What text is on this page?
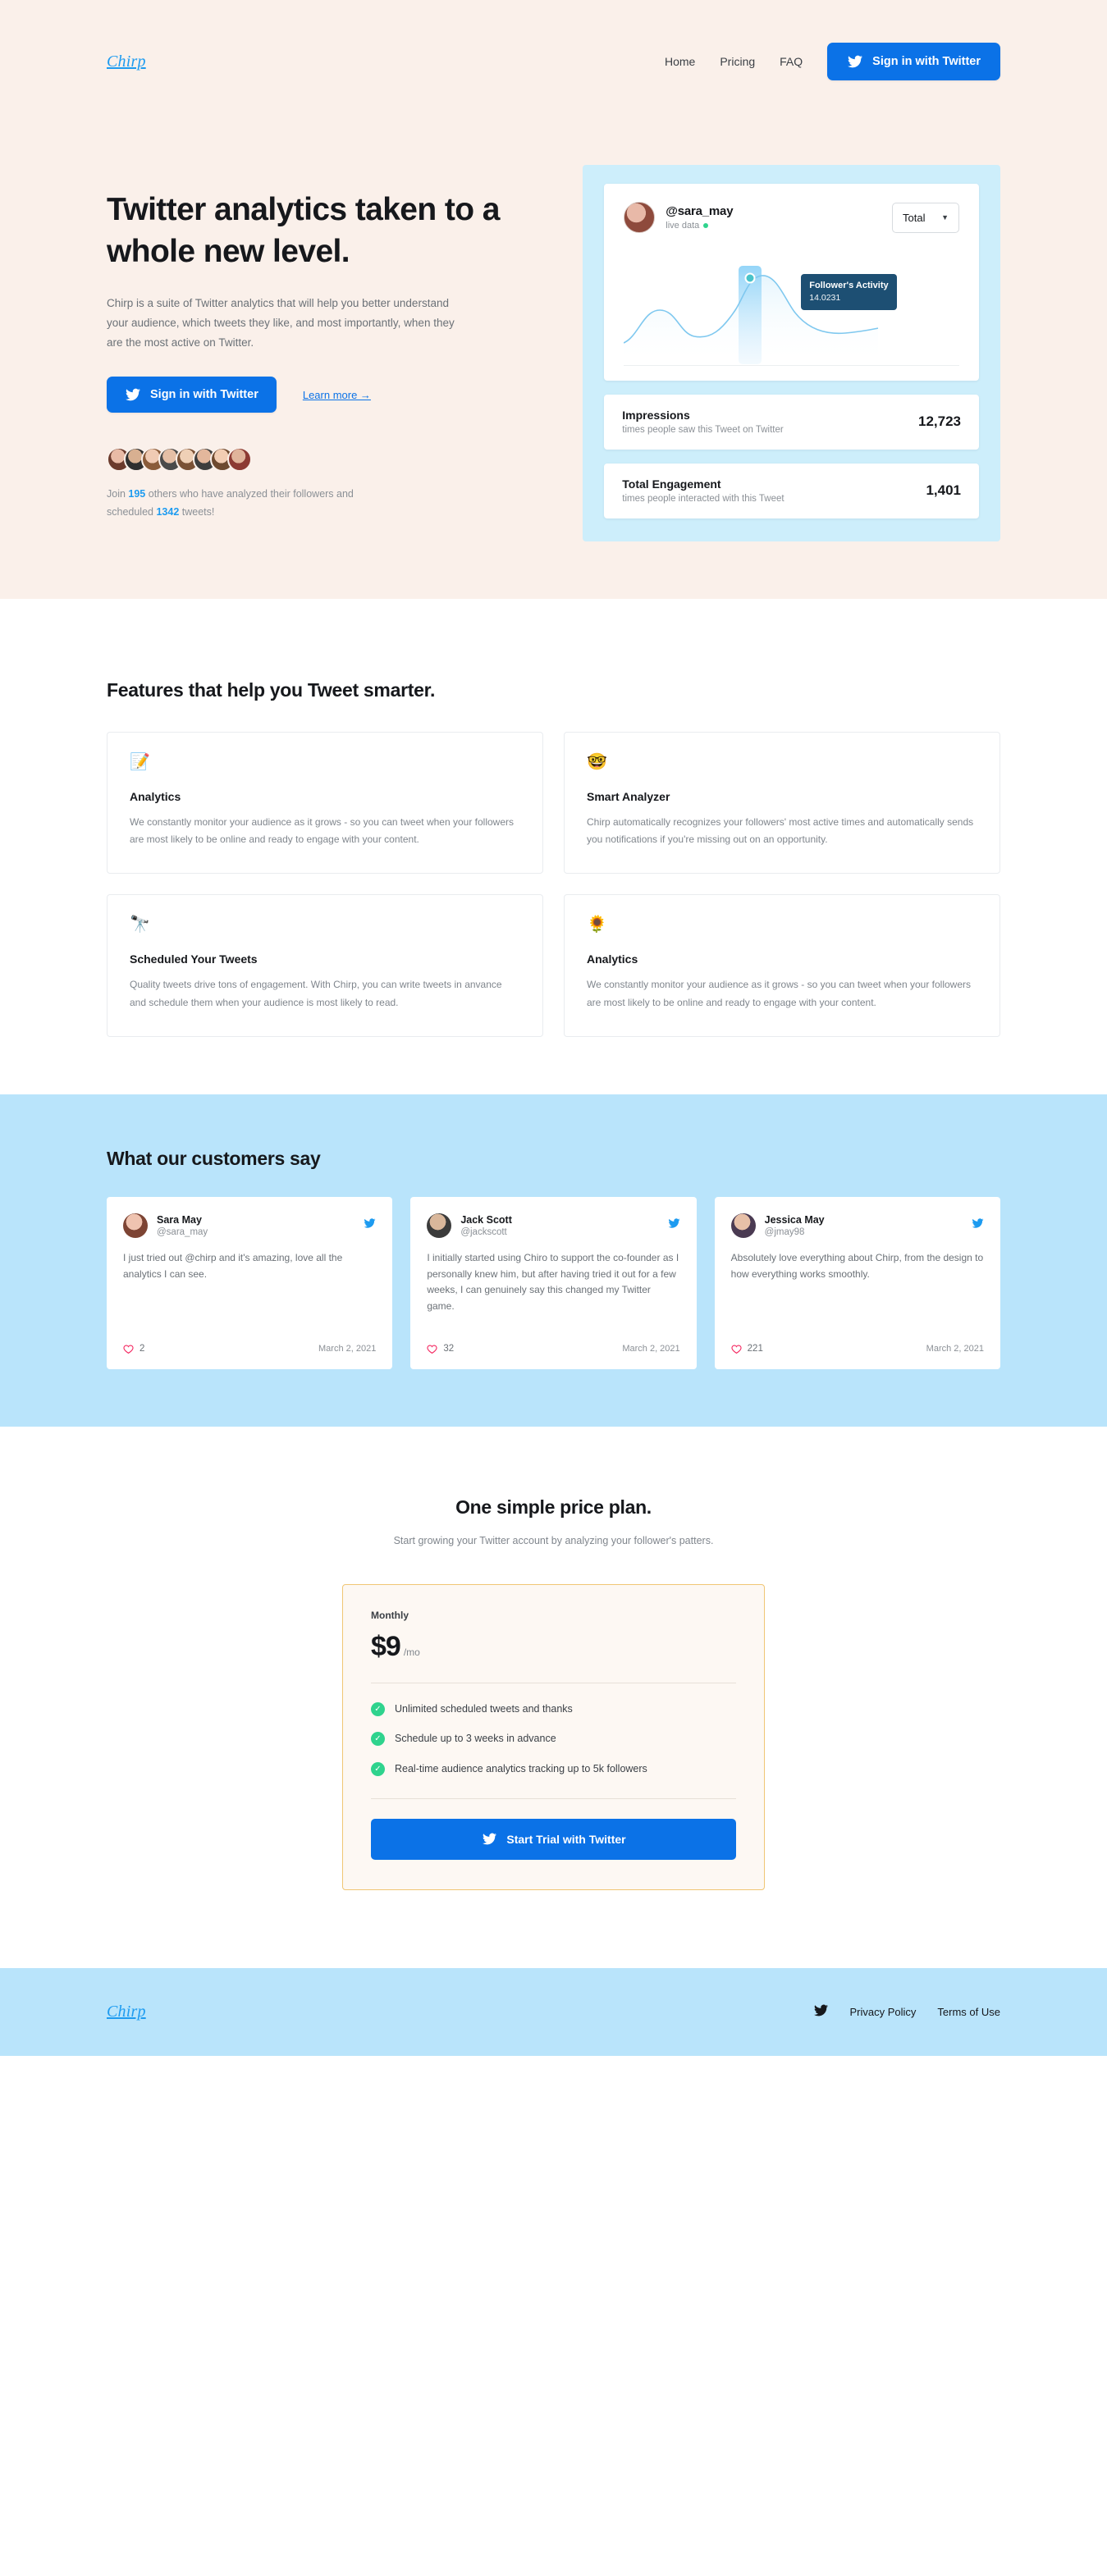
Chirp	Home Pricing FAQ	Sign in with Twitter
Twitter analytics taken to a whole new level.

Chirp is a suite of Twitter analytics that will help you better understand your audience, which tweets they like, and most importantly, when they are the most active on Twitter.

Sign in with Twitter	Learn more →

Join 195 others who have analyzed their followers and scheduled 1342 tweets!

@sara_may
live data
Total ▼
Follower's Activity
14.0231
Impressions
times people saw this Tweet on Twitter
12,723
Total Engagement
times people interacted with this Tweet
1,401
Features that help you Tweet smarter.
📝
Analytics
We constantly monitor your audience as it grows - so you can tweet when your followers are most likely to be online and ready to engage with your content.
🤓
Smart Analyzer
Chirp automatically recognizes your followers' most active times and automatically sends you notifications if you're missing out on an opportunity.
🔭
Scheduled Your Tweets
Quality tweets drive tons of engagement. With Chirp, you can write tweets in anvance and schedule them when your audience is most likely to read.
🌻
Analytics
We constantly monitor your audience as it grows - so you can tweet when your followers are most likely to be online and ready to engage with your content.
What our customers say
Sara May
@sara_may
I just tried out @chirp and it's amazing, love all the analytics I can see.
2	March 2, 2021
Jack Scott
@jackscott
I initially started using Chiro to support the co-founder as I personally knew him, but after having tried it out for a few weeks, I can genuinely say this changed my Twitter game.
32	March 2, 2021
Jessica May
@jmay98
Absolutely love everything about Chirp, from the design to how everything works smoothly.
221	March 2, 2021
One simple price plan.

Start growing your Twitter account by analyzing your follower's patters.

Monthly
$9 /mo
✓	Unlimited scheduled tweets and thanks
✓	Schedule up to 3 weeks in advance
✓	Real-time audience analytics tracking up to 5k followers
Start Trial with Twitter
Chirp	Privacy Policy Terms of Use
